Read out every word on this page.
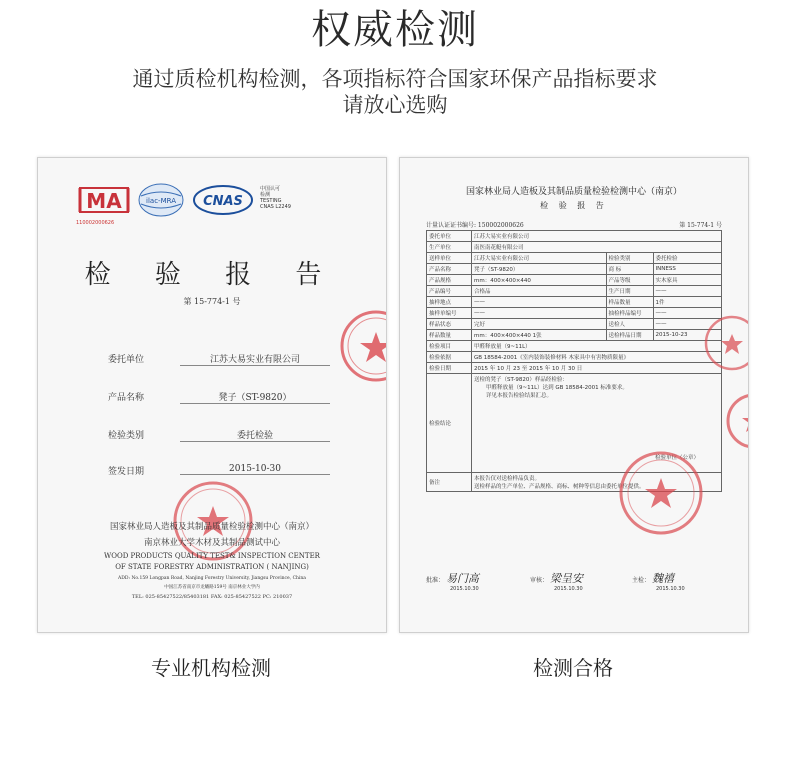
权威检测
通过质检机构检测，各项指标符合国家环保产品指标要求
请放心选购
MA
110002000626
ilac-MRA CNAS
中国认可
检测
TESTING
CNAS L2249
检 验 报 告
第 15-774-1 号
委托单位	江苏大易实业有限公司
产品名称	凳子（ST-9820）
检验类别	委托检验
签发日期	2015-10-30
国家林业局人造板及其制品质量检验检测中心（南京）
南京林业大学木材及其制品测试中心
WOOD PRODUCTS QUALITY TEST& INSPECTION CENTER
OF STATE FORESTRY ADMINISTRATION ( NANJING)
ADD: No.159 Longpan Road, Nanjing Forestry University, Jiangsu Province, China
中国江苏省南京市龙蟠路159号 南京林业大学内
TEL: 025-85427522/85403181 FAX: 025-85427522 PC: 210037
国家林业局人造板及其制品质量检验检测中心（南京）
检 验 报 告
计量认证证书编号: 150002000626	第 15-774-1 号
委托单位	江苏大易实业有限公司		
生产单位	南医南花艇有限公司		
送样单位	江苏大易实业有限公司	检验类别	委托检验
产品名称	凳子（ST-9820）	商 标	INNESS
产品规格	mm：400×400×440	产品等级	实木家具
产品编号	合格品	生产日期	——
抽样地点	——	样品数量	1件
抽样单编号	——	抽检样品编号	——
样品状态	完好	送检人	——
样品数量	mm：400×400×440 1张	送检样品日期	2015-10-23
检验项目	甲醛释放量（9~11L）		
检验依据	GB 18584-2001《室内装饰装修材料 木家具中有害物质限量》		
检验日期	2015 年 10 月 23 至 2015 年 10 月 30 日		
检验结论	送检的凳子（ST-9820）样品经检验：
甲醛释放量（9~11L）达到 GB 18584-2001 标准要求。
详见本报告检验结果汇总。
检验单位（公章）		

备注	本报告仅对送检样品负责。
送检样品的生产单位、产品规格、商标、树种等信息由委托单位提供。		
批准： 易门高
2015.10.30
审核： 梁呈安
2015.10.30
主检： 魏禧
2015.10.30
专业机构检测	检测合格
